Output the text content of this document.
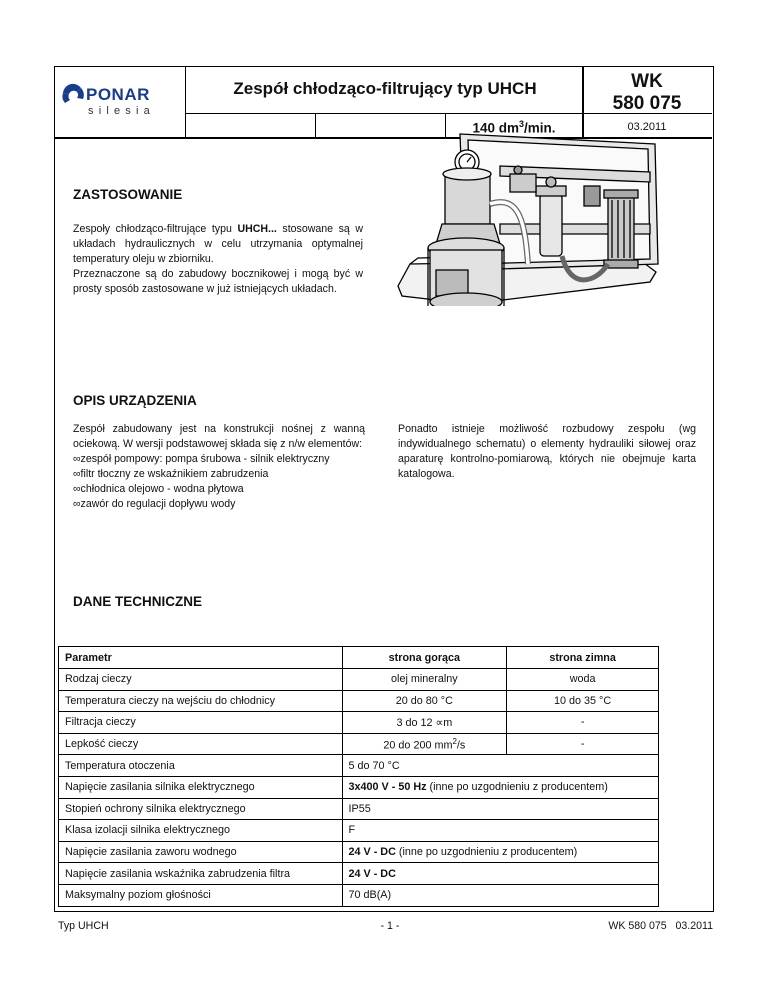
PONAR
silesia
Zespół chłodząco-filtrujący typ UHCH	WK
580 075
140 $dm^3/\min$.	03.2011
ZASTOSOWANIE

Zespoły chłodząco-filtrujące typu UHCH... stosowane są w układach hydraulicznych w celu utrzymania optymalnej temperatury oleju w zbiorniku.

Przeznaczone są do zabudowy bocznikowej i mogą być w prosty sposób zastosowane w już istniejących układach.

OPIS URZĄDZENIA

Zespół zabudowany jest na konstrukcji nośnej z wanną ociekową. W wersji podstawowej składa się z n/w elementów:

∞zespół pompowy: pompa śrubowa - silnik elektryczny

∞filtr tłoczny ze wskaźnikiem zabrudzenia

∞chłodnica olejowo - wodna płytowa

∞zawór do regulacji dopływu wody

Ponadto istnieje możliwość rozbudowy zespołu (wg indywidualnego schematu) o elementy hydrauliki siłowej oraz aparaturę kontrolno-pomiarową, których nie obejmuje karta katalogowa.
DANE TECHNICZNE
Parametr	strona gorąca	strona zimna
Rodzaj cieczy	olej mineralny	woda
Temperatura cieczy na wejściu do chłodnicy	20 do 80 °C	10 do 35 °C
Filtracja cieczy	3 do 12 ∝m	-
Lepkość cieczy	20 do 200 $mm^2/s$	-
Temperatura otoczenia	5 do 70 °C	
Napięcie zasilania silnika elektrycznego	3x400 V - 50 Hz (inne po uzgodnieniu z producentem)	
Stopień ochrony silnika elektrycznego	IP55	
Klasa izolacji silnika elektrycznego	F	
Napięcie zasilania zaworu wodnego	24 V - DC (inne po uzgodnieniu z producentem)	
Napięcie zasilania wskaźnika zabrudzenia filtra	24 V - DC	
Maksymalny poziom głośności	70 dB(A)	
Typ UHCH	- 1 -	WK 580 075   03.2011
